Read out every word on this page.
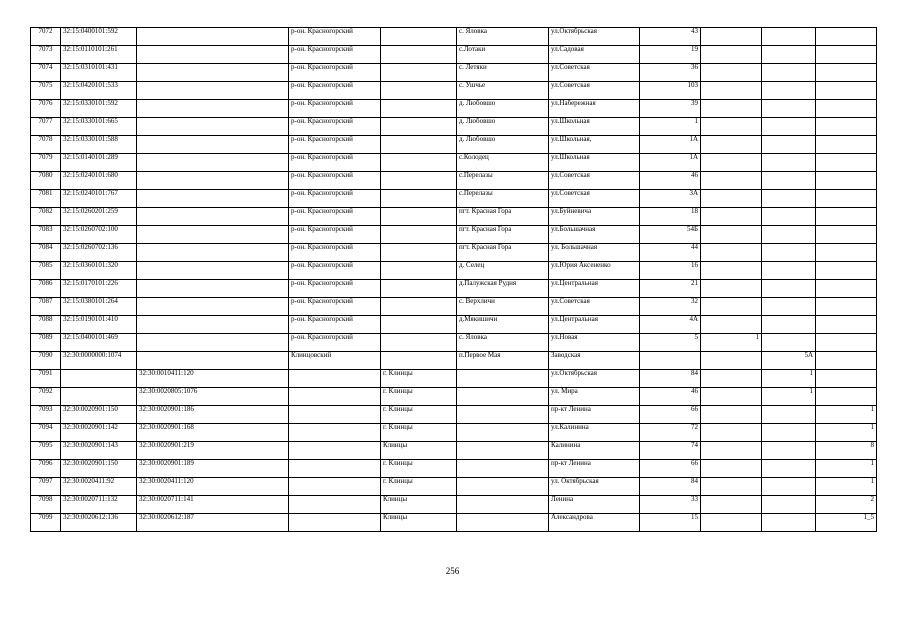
7072	32:15:0400101:592		р-он. Красногорский		с. Яловка	ул.Октябрьская	43			
7073	32:15:0110101:261		р-он. Красногорский		с.Лотаки	ул.Садовая	19			
7074	32:15:0310101:431		р-он. Красногорский		с. Летяки	ул.Советская	36			
7075	32:15:0420101:533		р-он. Красногорский		с. Ушчье	ул.Советская	103			
7076	32:15:0330101:592		р-он. Красногорский		д. Любовшо	ул.Набережная	39			
7077	32:15:0330101:665		р-он. Красногорский		д. Любовшо	ул.Школьная	1			
7078	32:15:0330101:588		р-он. Красногорский		д. Любовшо	ул.Школьная,	1А			
7079	32:15:0140101:289		р-он. Красногорский		с.Колодец	ул.Школьная	1А			
7080	32:15:0240101:680		р-он. Красногорский		с.Перелазы	ул.Советская	46			
7081	32:15:0240101:767		р-он. Красногорский		с.Перелазы	ул.Советская	3А			
7082	32:15:0260201:259		р-он. Красногорский		пгт. Красная Гора	ул.Буйневича	18			
7083	32:15:0260702:100		р-он. Красногорский		пгт. Красная Гора	ул.Большачная	54Б			
7084	32:15:0260702:136		р-он. Красногорский		пгт. Красная Гора	ул. Большачная	44			
7085	32:15:0360101:320		р-он. Красногорский		д. Селец	ул.Юрия Аксененко	16			
7086	32:15:0170101:226		р-он. Красногорский		д.Палужская Рудня	ул.Центральная	21			
7087	32:15:0380101:264		р-он. Красногорский		с. Верхличи	ул.Советская	32			
7088	32:15:0190101:410		р-он. Красногорский		д.Мякишичи	ул.Центральная	4А			
7089	32:15:0400101:469		р-он. Красногорский		с. Яловка	ул.Новая	5	1		
7090	32:30:0000000:1074		Клинцовский		п.Первое Мая	Заводская			5А	
7091		32:30:0010411:120		г. Клинцы		ул.Октябрьская	84		1	
7092		32:30:0020805:1076		г. Клинцы		ул. Мира	46		1	
7093	32:30:0020901:150	32:30:0020901:186		г. Клинцы		пр-кт Ленина	66			1
7094	32:30:0020901:142	32:30:0020901:168		г. Клинцы		ул.Калинина	72			1
7095	32:30:0020901:143	32:30:0020901:219		Клинцы		Калинина	74			8
7096	32:30:0020901:150	32:30:0020901:189		г. Клинцы		пр-кт Ленина	66			1
7097	32:30:0020411:92	32:30:0020411:120		г. Клинцы		ул. Октябрьская	84			1
7098	32:30:0020711:132	32:30:0020711:141		Клинцы		Ленина	33			2
7099	32:30:0020612:136	32:30:0020612:187		Клинцы		Александрова	15			1_5
256
